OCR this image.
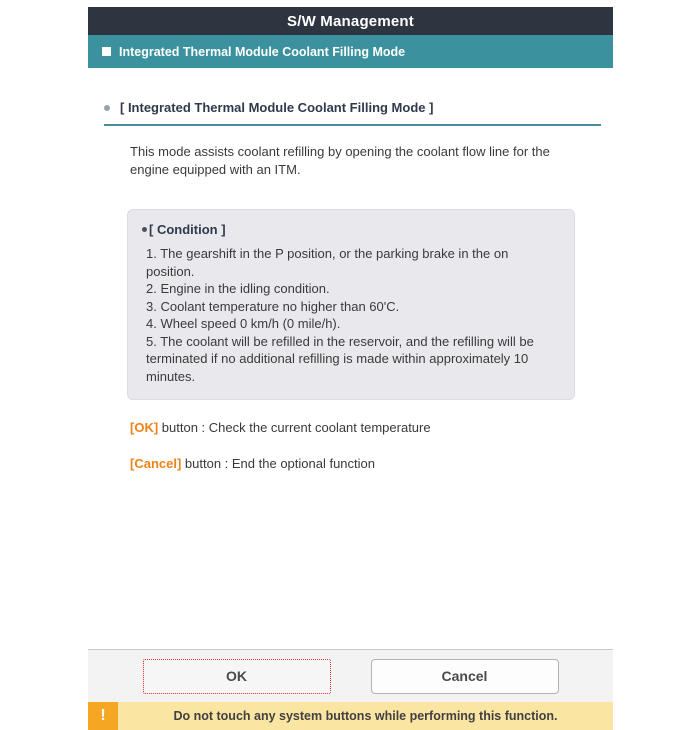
S/W Management
Integrated Thermal Module Coolant Filling Mode
[ Integrated Thermal Module Coolant Filling Mode ]

This mode assists coolant refilling by opening the coolant flow line for the engine equipped with an ITM.

[ Condition ]
1. The gearshift in the P position, or the parking brake in the on position.
2. Engine in the idling condition.
3. Coolant temperature no higher than 60'C.
4. Wheel speed 0 km/h (0 mile/h).
5. The coolant will be refilled in the reservoir, and the refilling will be terminated if no additional refilling is made within approximately 10 minutes.

[OK] button : Check the current coolant temperature

[Cancel] button : End the optional function

OK	Cancel
!	Do not touch any system buttons while performing this function.
